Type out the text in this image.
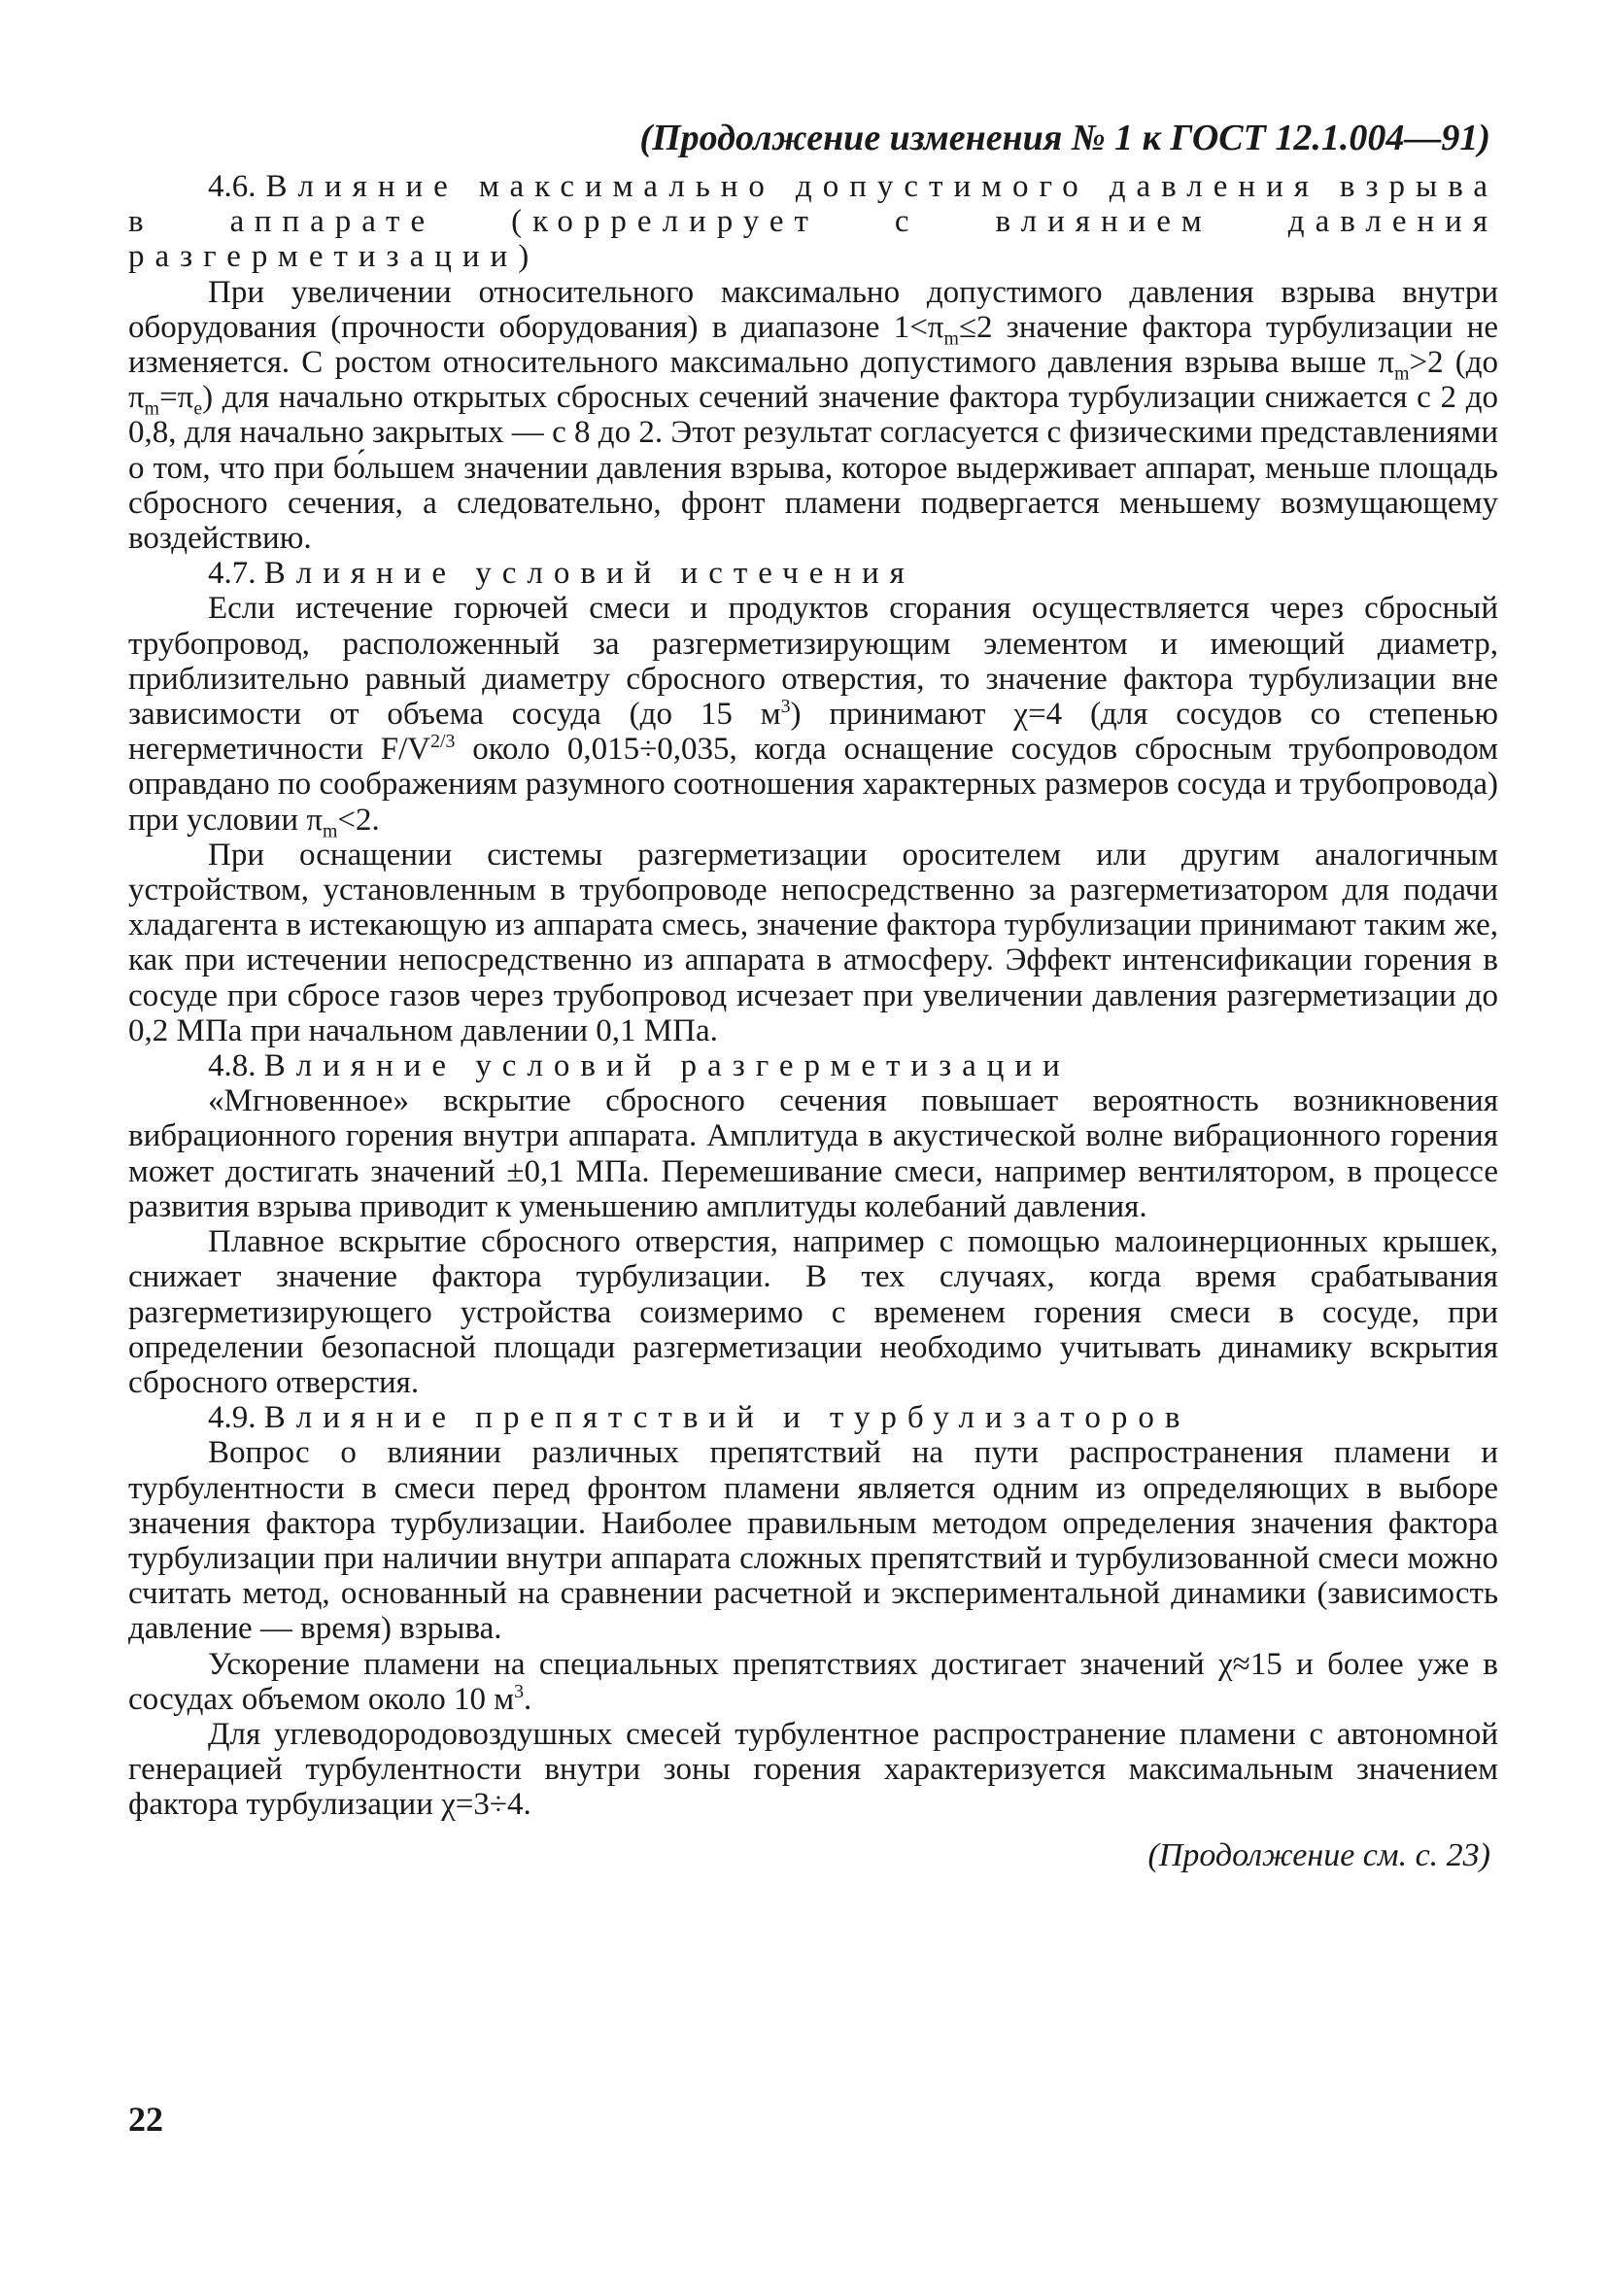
(Продолжение изменения № 1 к ГОСТ 12.1.004—91)

4.6. Влияние максимально допустимого давления взрыва в аппарате (коррелирует с влиянием давления разгерметизации)

При увеличении относительного максимально допустимого давления взрыва внутри оборудования (прочности оборудования) в диапазоне $1<\pi_m\le 2$ значение фактора турбулизации не изменяется. С ростом относительного максимально допустимого давления взрыва выше $\pi_m>2$ (до $\pi_m=\pi_e$) для начально открытых сбросных сечений значение фактора турбулизации снижается с 2 до 0,8, для начально закрытых — с 8 до 2. Этот результат согласуется с физическими представлениями о том, что при бо́льшем значении давления взрыва, которое выдерживает аппарат, меньше площадь сбросного сечения, а следовательно, фронт пламени подвергается меньшему возмущающему воздействию.

4.7. Влияние условий истечения

Если истечение горючей смеси и продуктов сгорания осуществляется через сбросный трубопровод, расположенный за разгерметизирующим элементом и имеющий диаметр, приблизительно равный диаметру сбросного отверстия, то значение фактора турбулизации вне зависимости от объема сосуда (до 15 $м^3$) принимают χ=4 (для сосудов со степенью негерметичности $F/V^{2/3}$ около 0,015÷0,035, когда оснащение сосудов сбросным трубопроводом оправдано по соображениям разумного соотношения характерных размеров сосуда и трубопровода) при условии $\pi_m<2$.

При оснащении системы разгерметизации оросителем или другим аналогичным устройством, установленным в трубопроводе непосредственно за разгерметизатором для подачи хладагента в истекающую из аппарата смесь, значение фактора турбулизации принимают таким же, как при истечении непосредственно из аппарата в атмосферу. Эффект интенсификации горения в сосуде при сбросе газов через трубопровод исчезает при увеличении давления разгерметизации до 0,2 МПа при начальном давлении 0,1 МПа.

4.8. Влияние условий разгерметизации

«Мгновенное» вскрытие сбросного сечения повышает вероятность возникновения вибрационного горения внутри аппарата. Амплитуда в акустической волне вибрационного горения может достигать значений ±0,1 МПа. Перемешивание смеси, например вентилятором, в процессе развития взрыва приводит к уменьшению амплитуды колебаний давления.

Плавное вскрытие сбросного отверстия, например с помощью малоинерционных крышек, снижает значение фактора турбулизации. В тех случаях, когда время срабатывания разгерметизирующего устройства соизмеримо с временем горения смеси в сосуде, при определении безопасной площади разгерметизации необходимо учитывать динамику вскрытия сбросного отверстия.

4.9. Влияние препятствий и турбулизаторов

Вопрос о влиянии различных препятствий на пути распространения пламени и турбулентности в смеси перед фронтом пламени является одним из определяющих в выборе значения фактора турбулизации. Наиболее правильным методом определения значения фактора турбулизации при наличии внутри аппарата сложных препятствий и турбулизованной смеси можно считать метод, основанный на сравнении расчетной и экспериментальной динамики (зависимость давление — время) взрыва.

Ускорение пламени на специальных препятствиях достигает значений χ≈15 и более уже в сосудах объемом около 10 $м^3$.

Для углеводородовоздушных смесей турбулентное распространение пламени с автономной генерацией турбулентности внутри зоны горения характеризуется максимальным значением фактора турбулизации χ=3÷4.

(Продолжение см. с. 23)
22
